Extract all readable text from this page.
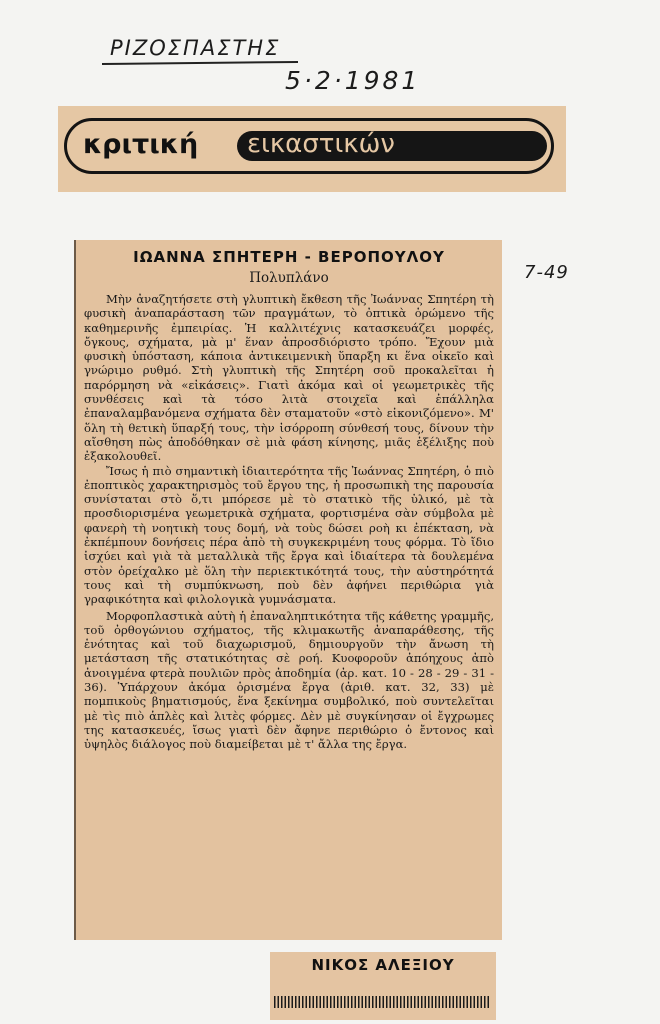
ΡΙΖΟΣΠΑΣΤΗΣ
5·2·1981
7-49
κριτική εικαστικών
ΙΩΑΝΝΑ ΣΠΗΤΕΡΗ - ΒΕΡΟΠΟΥΛΟΥ
Πολυπλάνο

Μὴν ἀναζητήσετε στὴ γλυπτικὴ ἔκθεση τῆς Ἰωάννας Σπητέρη τὴ φυσικὴ ἀναπαράσταση τῶν πραγμάτων, τὸ ὀπτικὰ ὁρώμενο τῆς καθημερινῆς ἐμπειρίας. Ἡ καλλιτέχνις κατασκευάζει μορφές, ὄγκους, σχήματα, μὰ μ' ἕναν ἀπροσδιόριστο τρόπο. Ἔχουν μιὰ φυσικὴ ὑπόσταση, κάποια ἀντικειμενικὴ ὕπαρξη κι ἕνα οἰκεῖο καὶ γνώριμο ρυθμό. Στὴ γλυπτικὴ τῆς Σπητέρη σοῦ προκαλεῖται ἡ παρόρμηση νὰ «εἰκάσεις». Γιατὶ ἀκόμα καὶ οἱ γεωμετρικὲς τῆς συνθέσεις καὶ τὰ τόσο λιτὰ στοιχεῖα καὶ ἐπάλληλα ἐπαναλαμβανόμενα σχήματα δὲν σταματοῦν «στὸ εἰκονιζόμενο». Μ' ὅλη τὴ θετικὴ ὕπαρξή τους, τὴν ἰσόρροπη σύνθεσή τους, δίνουν τὴν αἴσθηση πὼς ἀποδόθηκαν σὲ μιὰ φάση κίνησης, μιᾶς ἐξέλιξης ποὺ ἐξακολουθεῖ.

Ἴσως ἡ πιὸ σημαντικὴ ἰδιαιτερότητα τῆς Ἰωάννας Σπητέρη, ὁ πιὸ ἐποπτικὸς χαρακτηρισμὸς τοῦ ἔργου της, ἡ προσωπικὴ της παρουσία συνίσταται στὸ ὅ,τι μπόρεσε μὲ τὸ στατικὸ τῆς ὑλικό, μὲ τὰ προσδιορισμένα γεωμετρικὰ σχήματα, φορτισμένα σὰν σύμβολα μὲ φανερὴ τὴ νοητικὴ τους δομή, νὰ τοὺς δώσει ροὴ κι ἐπέκταση, νὰ ἐκπέμπουν δονήσεις πέρα ἀπὸ τὴ συγκεκριμένη τους φόρμα. Τὸ ἴδιο ἰσχύει καὶ γιὰ τὰ μεταλλικὰ τῆς ἔργα καὶ ἰδιαίτερα τὰ δουλεμένα στὸν ὀρείχαλκο μὲ ὅλη τὴν περιεκτικότητά τους, τὴν αὐστηρότητά τους καὶ τὴ συμπύκνωση, ποὺ δὲν ἀφήνει περιθώρια γιὰ γραφικότητα καὶ φιλολογικὰ γυμνάσματα.

Μορφοπλαστικὰ αὐτὴ ἡ ἐπαναληπτικότητα τῆς κάθετης γραμμῆς, τοῦ ὀρθογώνιου σχήματος, τῆς κλιμακωτῆς ἀναπαράθεσης, τῆς ἑνότητας καὶ τοῦ διαχωρισμοῦ, δημιουργοῦν τὴν ἄνωση τὴ μετάσταση τῆς στατικότητας σὲ ροή. Κυοφοροῦν ἀπόηχους ἀπὸ ἀνοιγμένα φτερὰ πουλιῶν πρὸς ἀποδημία (ἀρ. κατ. 10 - 28 - 29 - 31 - 36). Ὑπάρχουν ἀκόμα ὁρισμένα ἔργα (ἀριθ. κατ. 32, 33) μὲ πομπικοὺς βηματισμούς, ἕνα ξεκίνημα συμβολικό, ποὺ συντελεῖται μὲ τὶς πιὸ ἁπλὲς καὶ λιτὲς φόρμες. Δὲν μὲ συγκίνησαν οἱ ἔγχρωμες της κατασκευές, ἴσως γιατὶ δὲν ἄφηνε περιθώριο ὁ ἔντονος καὶ ὑψηλὸς διάλογος ποὺ διαμείβεται μὲ τ' ἄλλα της ἔργα.

ΝΙΚΟΣ ΑΛΕΞΙΟΥ
